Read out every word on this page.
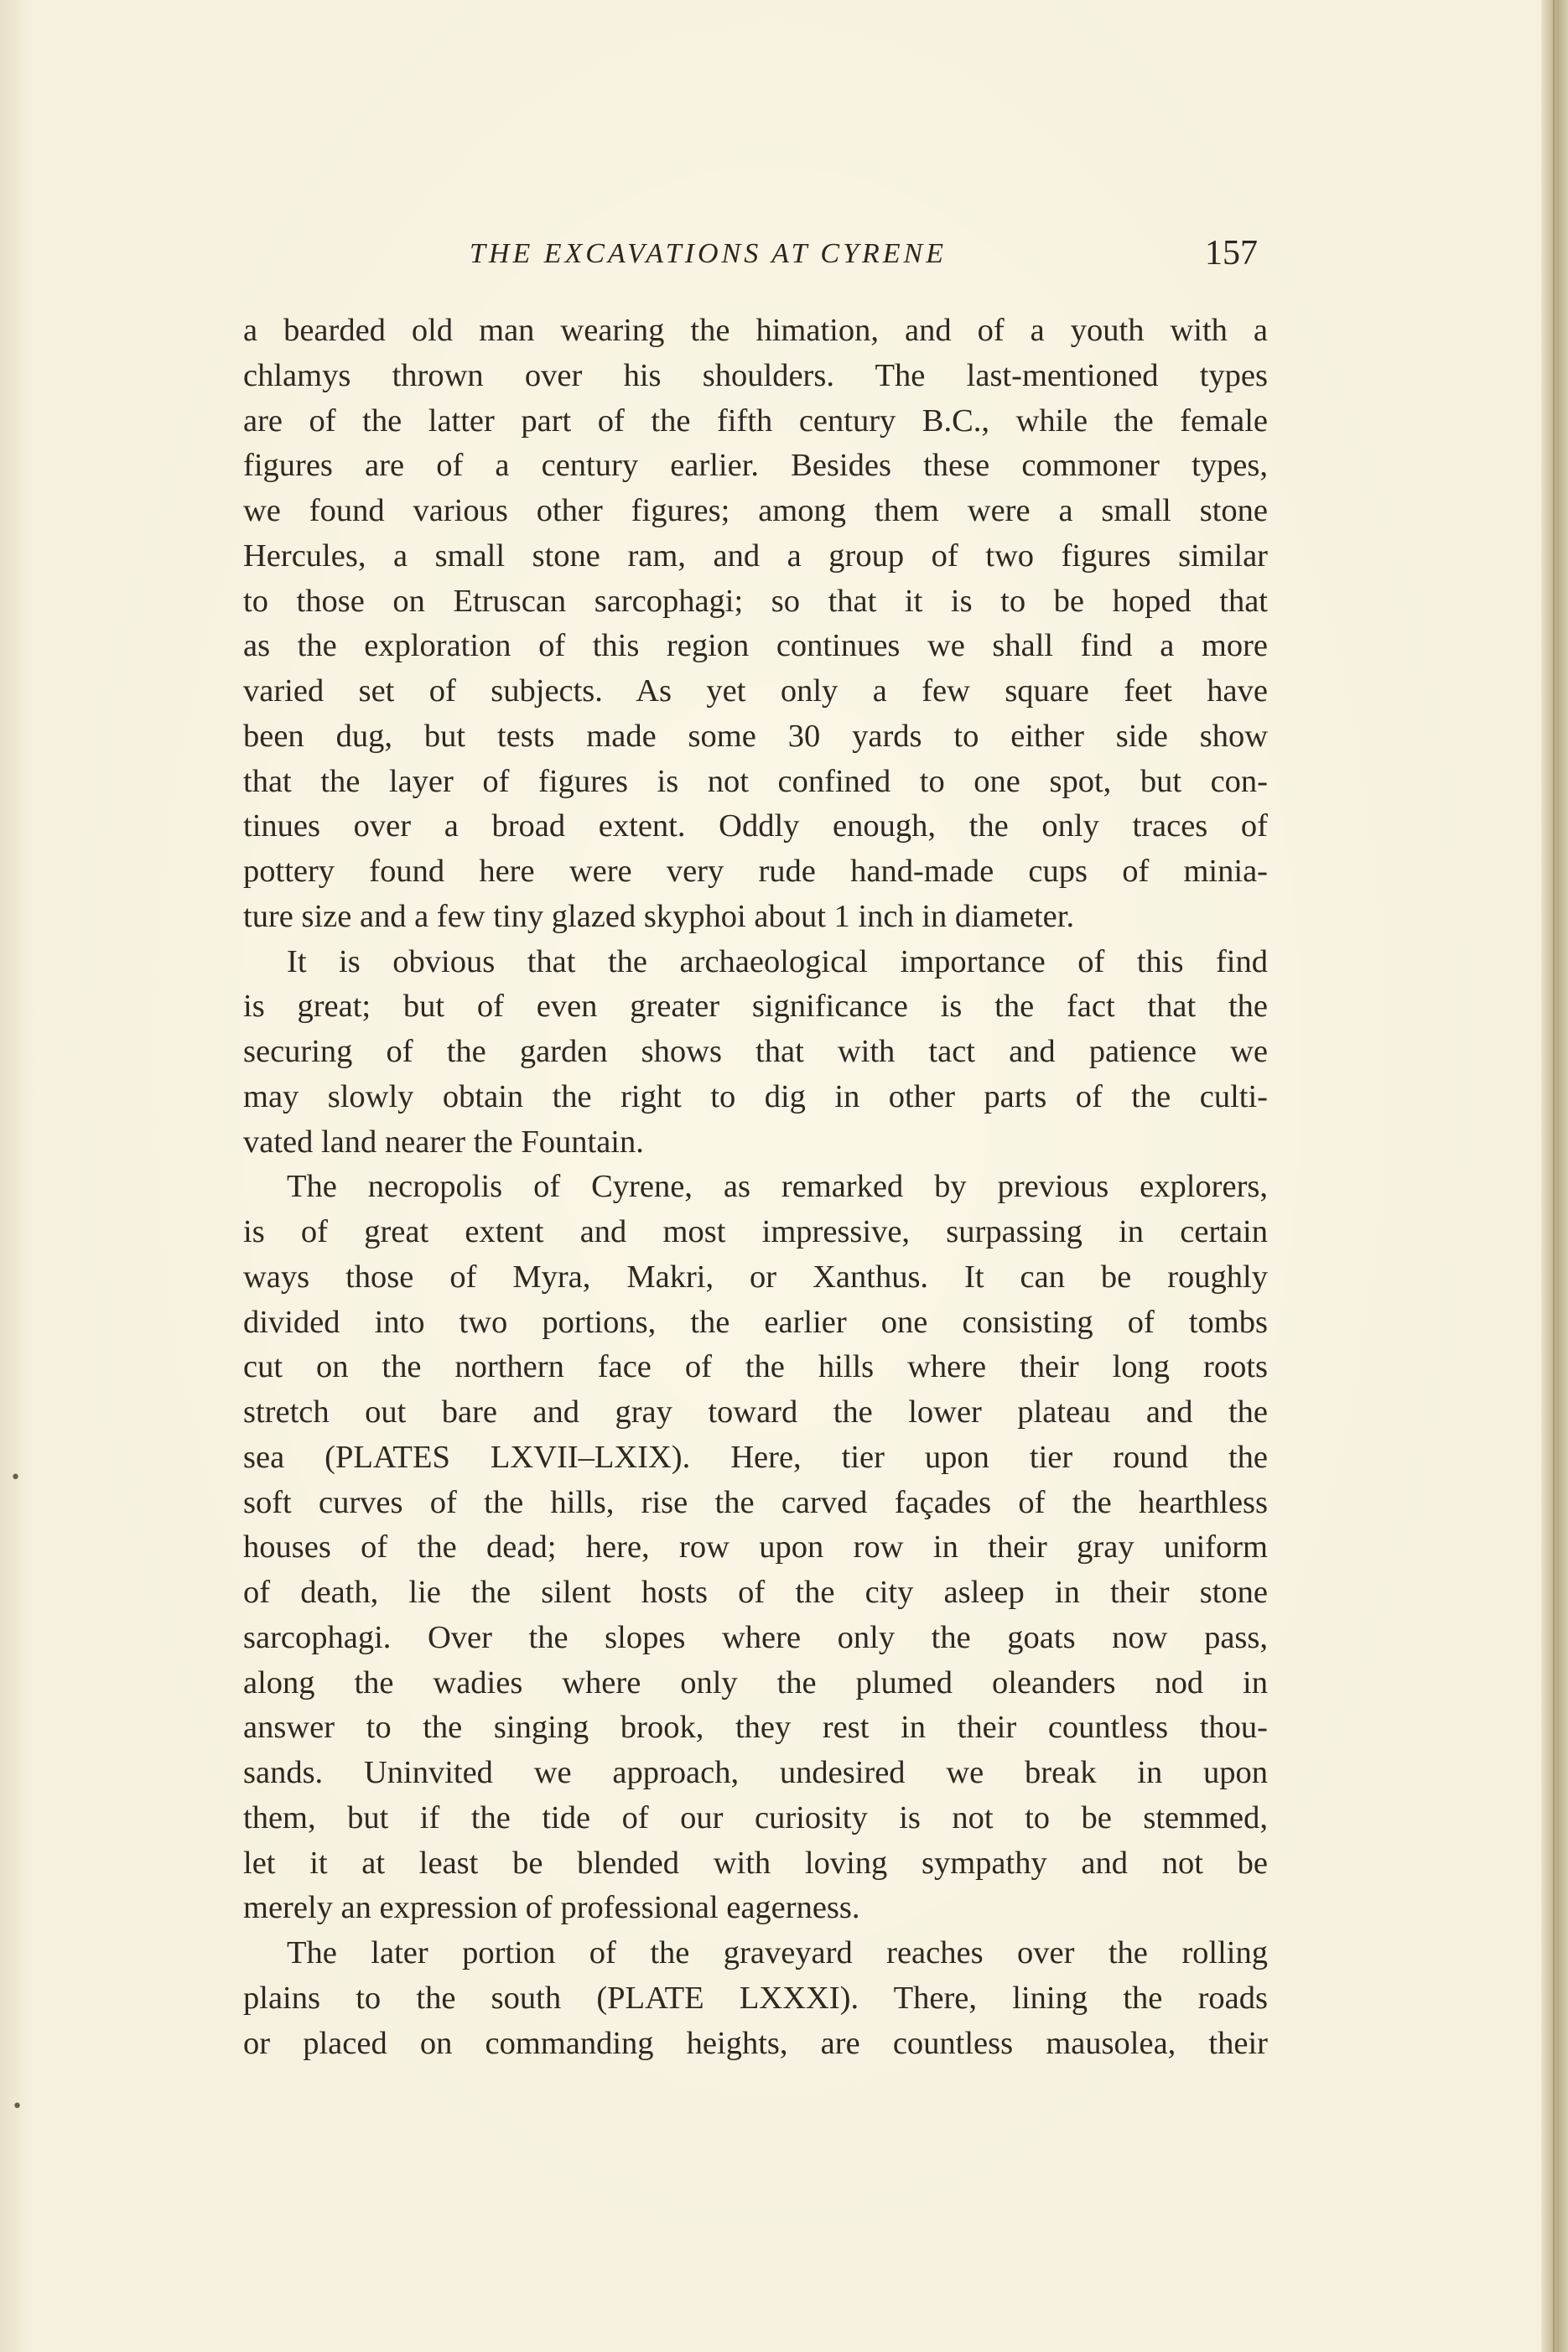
THE EXCAVATIONS AT CYRENE	157
a bearded old man wearing the himation, and of a youth with a
chlamys thrown over his shoulders. The last-mentioned types
are of the latter part of the fifth century B.C., while the female
figures are of a century earlier. Besides these commoner types,
we found various other figures; among them were a small stone
Hercules, a small stone ram, and a group of two figures similar
to those on Etruscan sarcophagi; so that it is to be hoped that
as the exploration of this region continues we shall find a more
varied set of subjects. As yet only a few square feet have
been dug, but tests made some 30 yards to either side show
that the layer of figures is not confined to one spot, but con-
tinues over a broad extent. Oddly enough, the only traces of
pottery found here were very rude hand-made cups of minia-
ture size and a few tiny glazed skyphoi about 1 inch in diameter.
It is obvious that the archaeological importance of this find
is great; but of even greater significance is the fact that the
securing of the garden shows that with tact and patience we
may slowly obtain the right to dig in other parts of the culti-
vated land nearer the Fountain.
The necropolis of Cyrene, as remarked by previous explorers,
is of great extent and most impressive, surpassing in certain
ways those of Myra, Makri, or Xanthus. It can be roughly
divided into two portions, the earlier one consisting of tombs
cut on the northern face of the hills where their long roots
stretch out bare and gray toward the lower plateau and the
sea (PLATES LXVII–LXIX). Here, tier upon tier round the
soft curves of the hills, rise the carved façades of the hearthless
houses of the dead; here, row upon row in their gray uniform
of death, lie the silent hosts of the city asleep in their stone
sarcophagi. Over the slopes where only the goats now pass,
along the wadies where only the plumed oleanders nod in
answer to the singing brook, they rest in their countless thou-
sands. Uninvited we approach, undesired we break in upon
them, but if the tide of our curiosity is not to be stemmed,
let it at least be blended with loving sympathy and not be
merely an expression of professional eagerness.
The later portion of the graveyard reaches over the rolling
plains to the south (PLATE LXXXI). There, lining the roads
or placed on commanding heights, are countless mausolea, their
•
•
